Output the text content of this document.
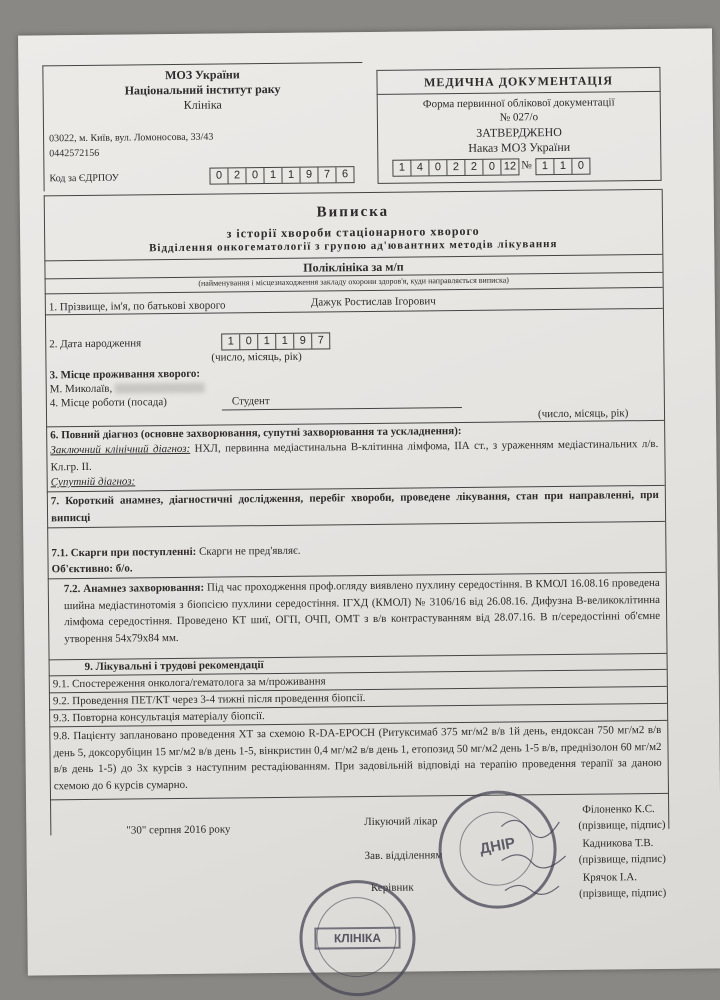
МОЗ України
Національний інститут раку
Клініка
03022, м. Київ, вул. Ломоносова, 33/43
0442572156
Код за ЄДРПОУ	0	2	0	1	1	9	7	6
МЕДИЧНА ДОКУМЕНТАЦІЯ
Форма первинної облікової документації
№ 027/о
ЗАТВЕРДЖЕНО
Наказ МОЗ України
1	4	0	2	2	0 12 № 1	1	0
Виписка
з історії хвороби стаціонарного хворого
Відділення онкогематології з групою ад'ювантних методів лікування
Поліклініка за м/п
(найменування і місцезнаходження закладу охорони здоров'я, куди направляється виписка)
1. Прізвище, ім'я, по батькові хворого	Дажук Ростислав Ігорович
2. Дата народження	1	0	1	1	9	7
(число, місяць, рік)
3. Місце проживання хворого:
М. Миколаїв,
4. Місце роботи (посада)	Студент
(число, місяць, рік)
6. Повний діагноз (основне захворювання, супутні захворювання та ускладнення):
Заключний клінічний діагноз: НХЛ, первинна медіастинальна В-клітинна лімфома, ІІА ст., з ураженням медіастинальних л/в. Кл.гр. ІІ.
Супутній діагноз:
7. Короткий анамнез, діагностичні дослідження, перебіг хвороби, проведене лікування, стан при направленні, при виписці
7.1. Скарги при поступленні: Скарги не пред'являє.
Об'єктивно: б/о.
7.2. Анамнез захворювання: Під час проходження проф.огляду виявлено пухлину середостіння. В КМОЛ 16.08.16 проведена шийна медіастинотомія з біопсією пухлини середостіння. ІГХД (КМОЛ) № 3106/16 від 26.08.16. Дифузна В-великоклітинна лімфома середостіння. Проведено КТ шиї, ОГП, ОЧП, ОМТ з в/в контрастуванням від 28.07.16. В п/середостінні об'ємне утворення 54х79х84 мм.
9. Лікувальні і трудові рекомендації
9.1. Спостереження онколога/гематолога за м/проживання
9.2. Проведення ПЕТ/КТ через 3-4 тижні після проведення біопсії.
9.3. Повторна консультація матеріалу біопсії.
9.8. Пацієнту заплановано проведення ХТ за схемою R-DA-EPOCH (Ритуксимаб 375 мг/м2 в/в 1й день, ендоксан 750 мг/м2 в/в день 5, доксорубіцин 15 мг/м2 в/в день 1-5, вінкристин 0,4 мг/м2 в/в день 1, етопозид 50 мг/м2 день 1-5 в/в, преднізолон 60 мг/м2 в/в день 1-5) до 3х курсів з наступним рестадіюванням. При задовільній відповіді на терапію проведення терапії за даною схемою до 6 курсів сумарно.
"30" серпня 2016 року
Лікуючий лікар
Філоненко К.С.
(прізвище, підпис)
Зав. відділенням
Кадникова Т.В.
(прізвище, підпис)
Керівник
Крячок І.А.
(прізвище, підпис)
ДНІР
КЛІНІКА
